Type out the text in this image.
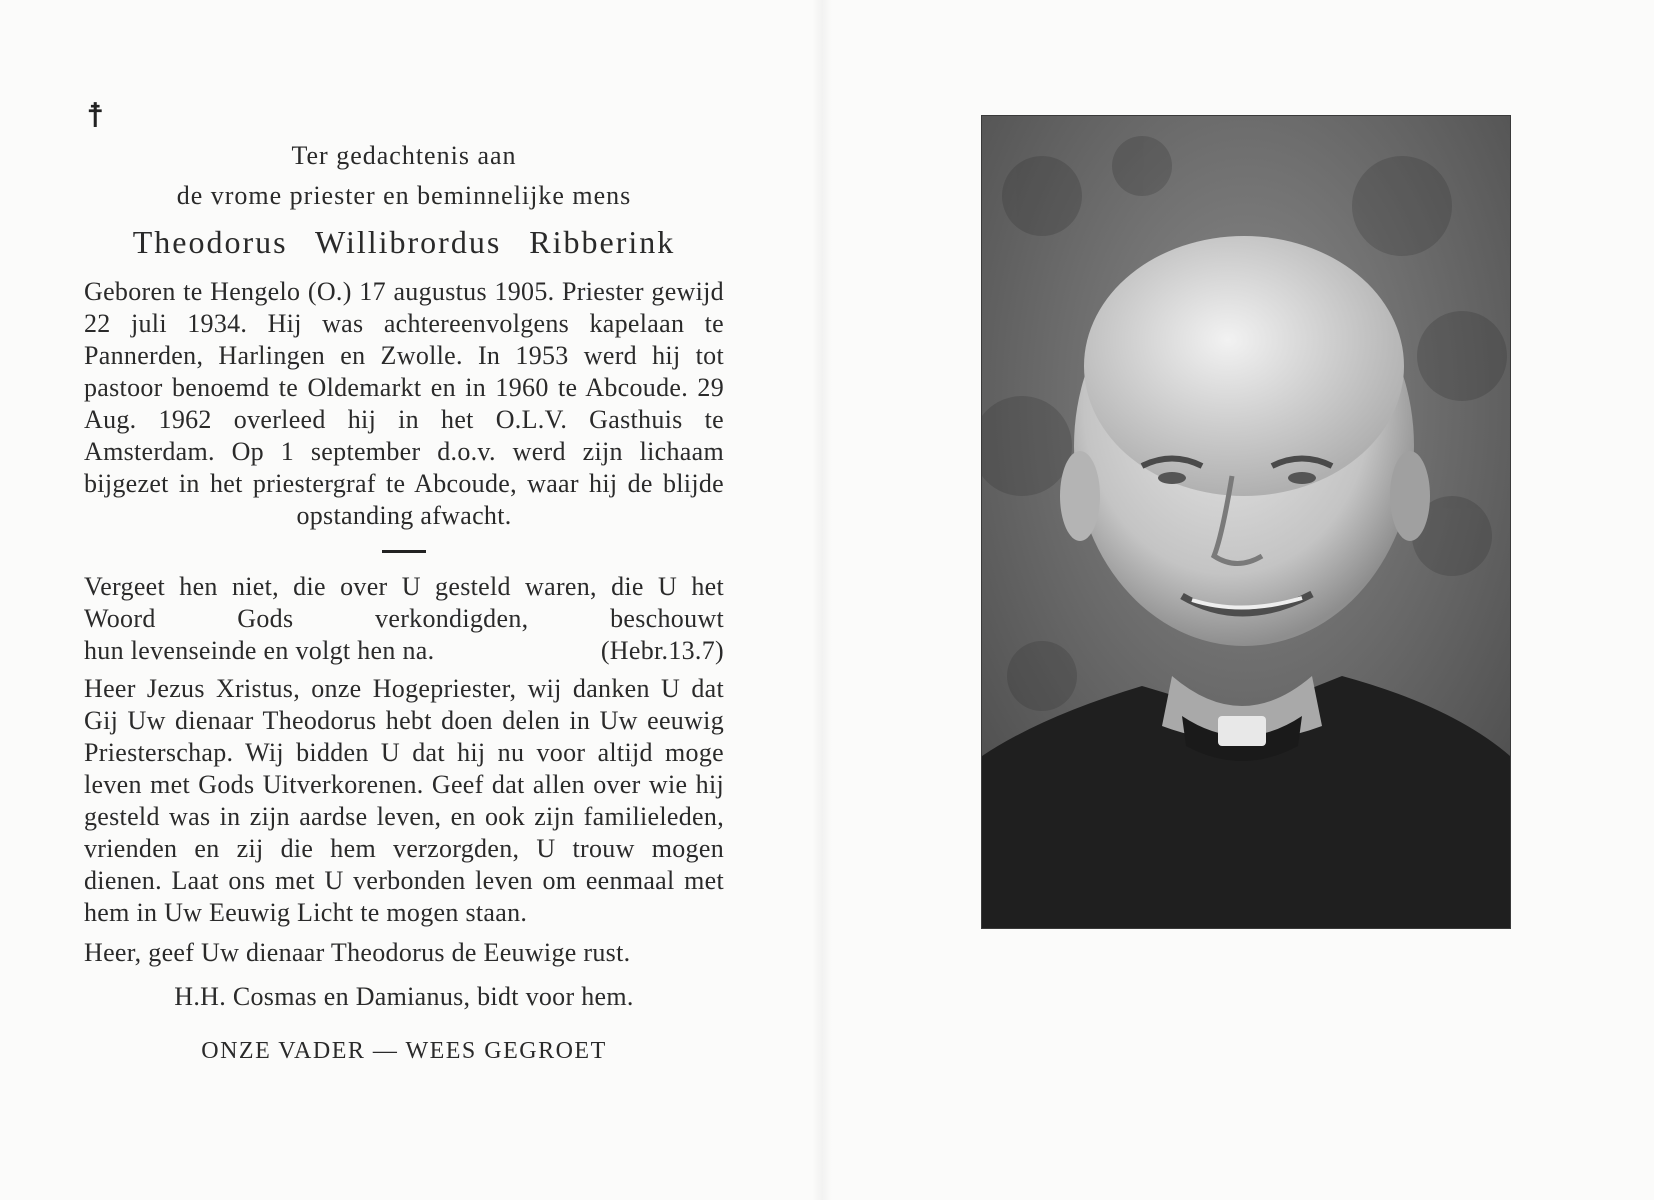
☨
Ter gedachtenis aan
de vrome priester en beminnelijke mens
Theodorus Willibrordus Ribberink
Geboren te Hengelo (O.) 17 augustus 1905. Priester gewijd 22 juli 1934. Hij was achtereenvolgens kapelaan te Pannerden, Harlingen en Zwolle. In 1953 werd hij tot pastoor benoemd te Oldemarkt en in 1960 te Abcoude. 29 Aug. 1962 overleed hij in het O.L.V. Gasthuis te Amsterdam. Op 1 september d.o.v. werd zijn lichaam bijgezet in het priestergraf te Abcoude, waar hij de blijde opstanding afwacht.
Vergeet hen niet, die over U gesteld waren, die U het Woord Gods verkondigden, beschouwt
hun levenseinde en volgt hen na.	(Hebr.13.7)
Heer Jezus Xristus, onze Hogepriester, wij danken U dat Gij Uw dienaar Theodorus hebt doen delen in Uw eeuwig Priesterschap. Wij bidden U dat hij nu voor altijd moge leven met Gods Uitverkorenen. Geef dat allen over wie hij gesteld was in zijn aardse leven, en ook zijn familieleden, vrienden en zij die hem verzorgden, U trouw mogen dienen. Laat ons met U verbonden leven om eenmaal met hem in Uw Eeuwig Licht te mogen staan.
Heer, geef Uw dienaar Theodorus de Eeuwige rust.
H.H. Cosmas en Damianus, bidt voor hem.
ONZE VADER — WEES GEGROET
